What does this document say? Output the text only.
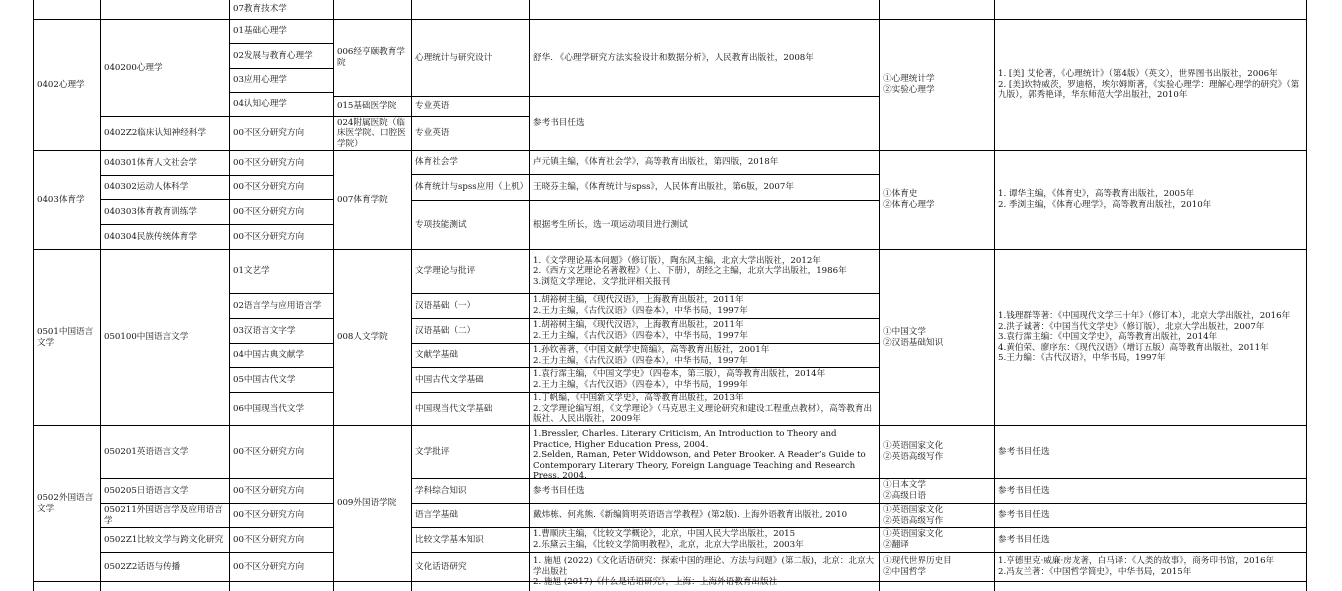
07教育技术学
0402心理学
040200心理学
0402Z2临床认知神经科学
01基础心理学
02发展与教育心理学
03应用心理学
04认知心理学
00不区分研究方向
006经亨颐教育学院
015基础医学院
024附属医院（临床医学院、口腔医学院）
心理统计与研究设计
专业英语
专业英语
舒华. 《心理学研究方法实验设计和数据分析》，人民教育出版社，2008年
参考书目任选
①心理统计学
②实验心理学
1. [美] 艾伦著，《心理统计》（第4版）（英文），世界图书出版社，2006年
2. [美]坎特威茨，罗迪格，埃尔姆斯著，《实验心理学：理解心理学的研究》（第九版），郭秀艳译，华东师范大学出版社，2010年
0403体育学
040301体育人文社会学
040302运动人体科学
040303体育教育训练学
040304民族传统体育学
00不区分研究方向
00不区分研究方向
00不区分研究方向
00不区分研究方向
007体育学院
体育社会学
体育统计与spss应用（上机）
专项技能测试
卢元镇主编，《体育社会学》，高等教育出版社，第四版，2018年
王晓芬主编，《体育统计与spss》，人民体育出版社，第6版，2007年
根据考生所长，选一项运动项目进行测试
①体育史
②体育心理学
1. 谭华主编，《体育史》，高等教育出版社，2005年
2. 季浏主编，《体育心理学》，高等教育出版社，2010年
0501中国语言文学
050100中国语言文学
01文艺学
02语言学与应用语言学
03汉语言文字学
04中国古典文献学
05中国古代文学
06中国现当代文学
008人文学院
文学理论与批评
汉语基础（一）
汉语基础（二）
文献学基础
中国古代文学基础
中国现当代文学基础
1.《文学理论基本问题》（修订版），陶东风主编，北京大学出版社，2012年
2.《西方文艺理论名著教程》（上、下册），胡经之主编，北京大学出版社，1986年
3.浏览文学理论、文学批评相关报刊
1.胡裕树主编，《现代汉语》，上海教育出版社，2011年
2.王力主编，《古代汉语》（四卷本），中华书局，1997年
1.胡裕树主编，《现代汉语》，上海教育出版社，2011年
2.王力主编，《古代汉语》（四卷本），中华书局，1997年
1.孙钦善著，《中国文献学史简编》，高等教育出版社，2001年
2.王力主编，《古代汉语》（四卷本），中华书局，1997年
1.袁行霈主编，《中国文学史》（四卷本，第三版），高等教育出版社，2014年
2.王力主编，《古代汉语》（四卷本），中华书局，1999年
1.丁帆编，《中国新文学史》，高等教育出版社，2013年
2.文学理论编写组，《文学理论》（马克思主义理论研究和建设工程重点教材），高等教育出版社、人民出版社，2009年
①中国文学
②汉语基础知识
1.钱理群等著：《中国现代文学三十年》（修订本），北京大学出版社，2016年
2.洪子诚著：《中国当代文学史》（修订版），北京大学出版社，2007年
3.袁行霈主编：《中国文学史》，高等教育出版社，2014年
4.黄伯荣、廖序东：《现代汉语》（增订五版）高等教育出版社，2011年
5.王力编：《古代汉语》，中华书局，1997年
0502外国语言文学
050201英语语言文学
050205日语语言文学
050211外国语言学及应用语言学
0502Z1比较文学与跨文化研究
0502Z2话语与传播
00不区分研究方向
00不区分研究方向
00不区分研究方向
00不区分研究方向
00不区分研究方向
009外国语学院
文学批评
学科综合知识
语言学基础
比较文学基本知识
文化话语研究
1.Bressler, Charles. Literary Criticism, An Introduction to Theory and Practice, Higher Education Press, 2004.
2.Selden, Raman, Peter Widdowson, and Peter Brooker. A Reader’s Guide to Contemporary Literary Theory, Foreign Language Teaching and Research Press, 2004.
参考书目任选
戴炜栋、何兆熊.《新编简明英语语言学教程》(第2版). 上海外语教育出版社, 2010
1.曹顺庆主编，《比较文学概论》，北京，中国人民大学出版社，2015
2.乐黛云主编，《比较文学简明教程》，北京，北京大学出版社，2003年
1. 施旭 (2022)《文化话语研究：探索中国的理论、方法与问题》(第二版)，北京：北京大学出版社
2. 施旭 (2017)《什么是话语研究》，上海：上海外语教育出版社
①英语国家文化
②英语高级写作
①日本文学
②高级日语
①英语国家文化
②英语高级写作
①英语国家文化
②翻译
①现代世界历史目
②中国哲学
参考书目任选
参考书目任选
参考书目任选
参考书目任选
1.亨德里克·威廉·房龙著，白马译：《人类的故事》，商务印书馆，2016年
2.冯友兰著：《中国哲学简史》，中华书局，2015年
